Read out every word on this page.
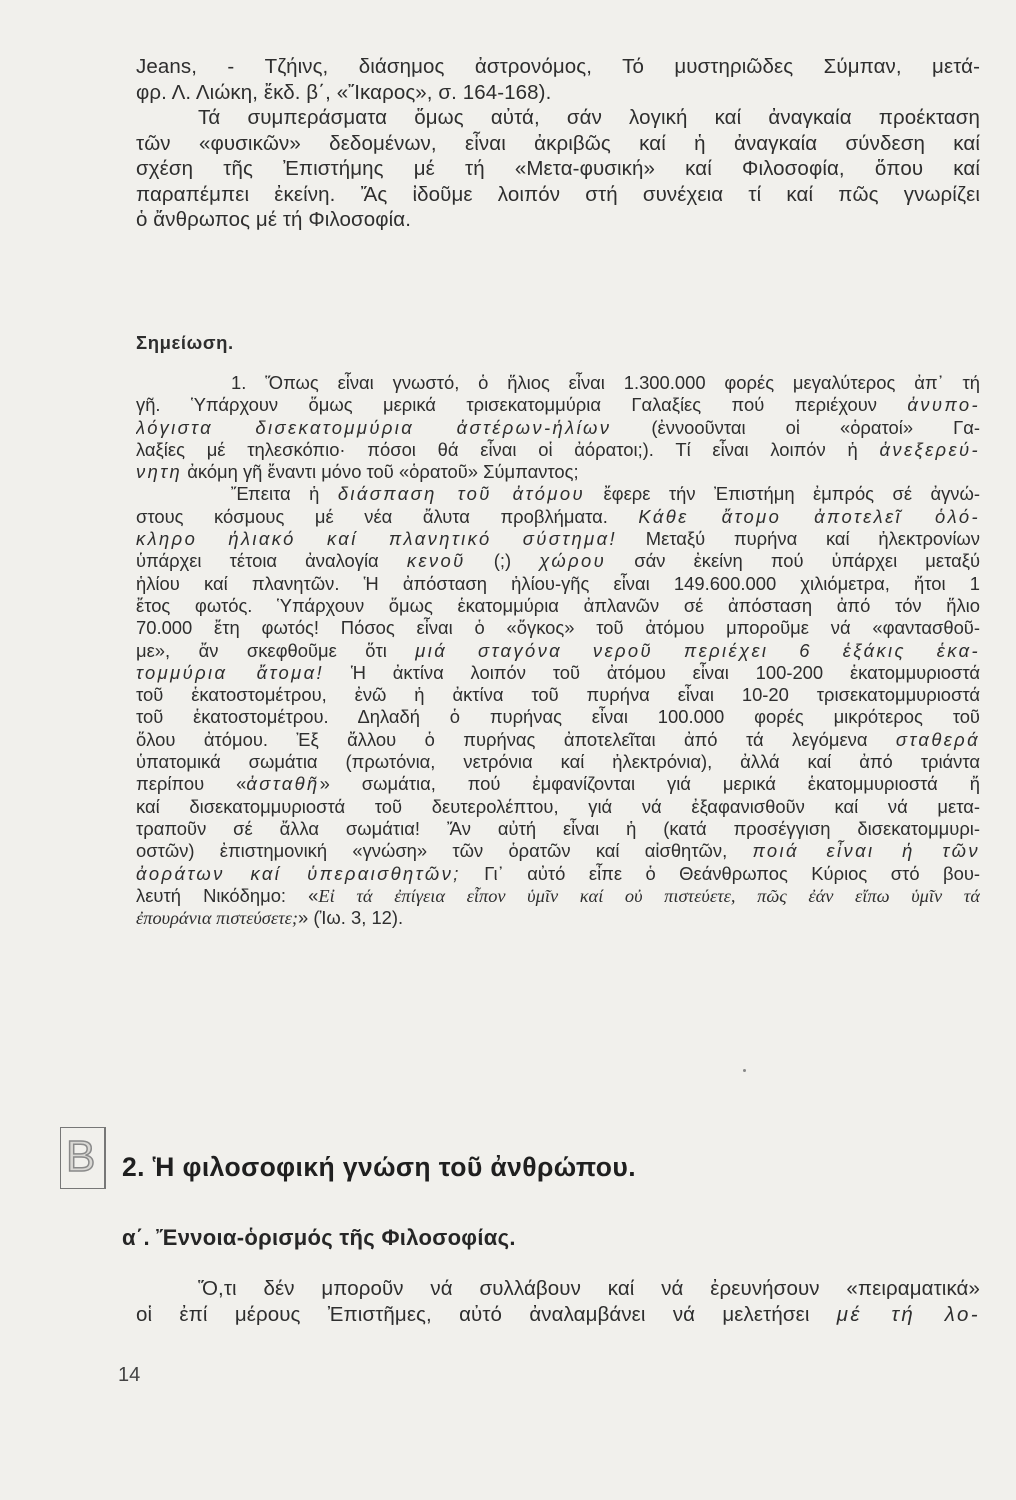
Jeans, - Τζήινς, διάσημος ἀστρονόμος, Τό μυστηριῶδες Σύμπαν, μετά-
φρ. Λ. Λιώκη, ἔκδ. β΄, «Ἴκαρος», σ. 164-168).
Τά συμπεράσματα ὅμως αὐτά, σάν λογική καί ἀναγκαία προέκταση
τῶν «φυσικῶν» δεδομένων, εἶναι ἀκριβῶς καί ἡ ἀναγκαία σύνδεση καί
σχέση τῆς Ἐπιστήμης μέ τή «Μετα-φυσική» καί Φιλοσοφία, ὅπου καί
παραπέμπει ἐκείνη. Ἄς ἰδοῦμε λοιπόν στή συνέχεια τί καί πῶς γνωρίζει
ὁ ἄνθρωπος μέ τή Φιλοσοφία.
Σημείωση.
1. Ὅπως εἶναι γνωστό, ὁ ἥλιος εἶναι 1.300.000 φορές μεγαλύτερος ἀπ᾽ τή
γῆ. Ὑπάρχουν ὅμως μερικά τρισεκατομμύρια Γαλαξίες πού περιέχουν ἀνυπο-
λόγιστα δισεκατομμύρια ἀστέρων-ἡλίων (ἐννοοῦνται οἱ «ὁρατοί» Γα-
λαξίες μέ τηλεσκόπιο· πόσοι θά εἶναι οἱ ἀόρατοι;). Τί εἶναι λοιπόν ἡ ἀνεξερεύ-
νητη ἀκόμη γῆ ἔναντι μόνο τοῦ «ὁρατοῦ» Σύμπαντος;
Ἔπειτα ἡ διάσπαση τοῦ ἀτόμου ἔφερε τήν Ἐπιστήμη ἐμπρός σέ ἀγνώ-
στους κόσμους μέ νέα ἄλυτα προβλήματα. Κάθε ἄτομο ἀποτελεῖ ὁλό-
κληρο ἡλιακό καί πλανητικό σύστημα! Μεταξύ πυρήνα καί ἠλεκτρονίων
ὑπάρχει τέτοια ἀναλογία κενοῦ (;) χώρου σάν ἐκείνη πού ὑπάρχει μεταξύ
ἡλίου καί πλανητῶν. Ἡ ἀπόσταση ἡλίου-γῆς εἶναι 149.600.000 χιλιόμετρα, ἤτοι 1
ἔτος φωτός. Ὑπάρχουν ὅμως ἑκατομμύρια ἀπλανῶν σέ ἀπόσταση ἀπό τόν ἥλιο
70.000 ἔτη φωτός! Πόσος εἶναι ὁ «ὄγκος» τοῦ ἀτόμου μποροῦμε νά «φαντασθοῦ-
με», ἄν σκεφθοῦμε ὅτι μιά σταγόνα νεροῦ περιέχει 6 ἑξάκις ἑκα-
τομμύρια ἄτομα! Ἡ ἀκτίνα λοιπόν τοῦ ἀτόμου εἶναι 100-200 ἑκατομμυριοστά
τοῦ ἑκατοστομέτρου, ἐνῶ ἡ ἀκτίνα τοῦ πυρήνα εἶναι 10-20 τρισεκατομμυριοστά
τοῦ ἑκατοστομέτρου. Δηλαδή ὁ πυρήνας εἶναι 100.000 φορές μικρότερος τοῦ
ὅλου ἀτόμου. Ἐξ ἄλλου ὁ πυρήνας ἀποτελεῖται ἀπό τά λεγόμενα σταθερά
ὑπατομικά σωμάτια (πρωτόνια, νετρόνια καί ἠλεκτρόνια), ἀλλά καί ἀπό τριάντα
περίπου «ἀσταθῆ» σωμάτια, πού ἐμφανίζονται γιά μερικά ἑκατομμυριοστά ἤ
καί δισεκατομμυριοστά τοῦ δευτερολέπτου, γιά νά ἐξαφανισθοῦν καί νά μετα-
τραποῦν σέ ἄλλα σωμάτια! Ἄν αὐτή εἶναι ἡ (κατά προσέγγιση δισεκατομμυρι-
οστῶν) ἐπιστημονική «γνώση» τῶν ὁρατῶν καί αἰσθητῶν, ποιά εἶναι ἡ τῶν
ἀοράτων καί ὑπεραισθητῶν; Γι᾽ αὐτό εἶπε ὁ Θεάνθρωπος Κύριος στό βου-
λευτή Νικόδημο: «Εἰ τά ἐπίγεια εἶπον ὑμῖν καί οὐ πιστεύετε, πῶς ἐάν εἴπω ὑμῖν τά
ἐπουράνια πιστεύσετε;» (Ἰω. 3, 12).
B 2. Ἡ φιλοσοφική γνώση τοῦ ἀνθρώπου.
α΄. Ἔννοια-ὁρισμός τῆς Φιλοσοφίας.
Ὅ,τι δέν μποροῦν νά συλλάβουν καί νά ἐρευνήσουν «πειραματικά»
οἱ ἐπί μέρους Ἐπιστῆμες, αὐτό ἀναλαμβάνει νά μελετήσει μέ τή λο-
14
